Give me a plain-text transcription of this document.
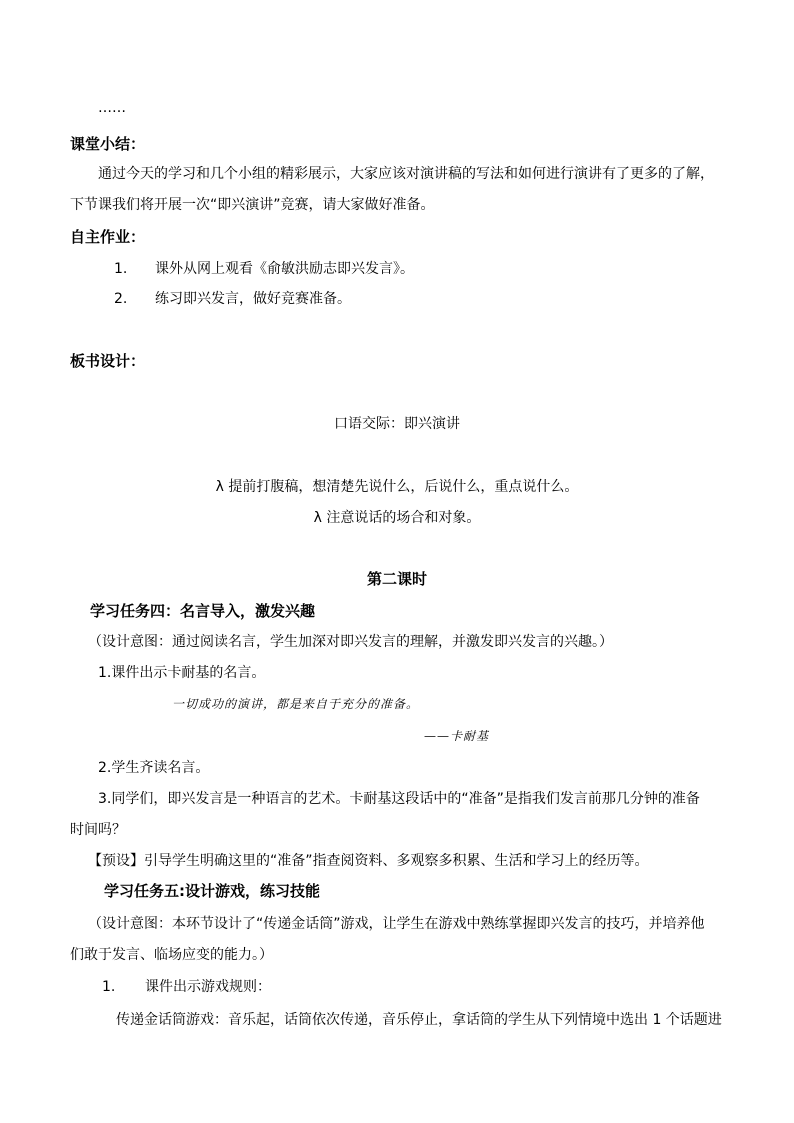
……
课堂小结：
通过今天的学习和几个小组的精彩展示，大家应该对演讲稿的写法和如何进行演讲有了更多的了解，
下节课我们将开展一次“即兴演讲”竞赛，请大家做好准备。
自主作业：
1. 课外从网上观看《俞敏洪励志即兴发言》。
2. 练习即兴发言，做好竞赛准备。
板书设计：
口语交际：即兴演讲
λ 提前打腹稿，想清楚先说什么，后说什么，重点说什么。
λ 注意说话的场合和对象。
第二课时
学习任务四：名言导入，激发兴趣
（设计意图：通过阅读名言，学生加深对即兴发言的理解，并激发即兴发言的兴趣。）
1.课件出示卡耐基的名言。
一切成功的演讲，都是来自于充分的准备。
——卡耐基
2.学生齐读名言。
3.同学们，即兴发言是一种语言的艺术。卡耐基这段话中的“准备”是指我们发言前那几分钟的准备
时间吗？
【预设】引导学生明确这里的“准备”指查阅资料、多观察多积累、生活和学习上的经历等。
学习任务五:设计游戏，练习技能
（设计意图：本环节设计了“传递金话筒”游戏，让学生在游戏中熟练掌握即兴发言的技巧，并培养他
们敢于发言、临场应变的能力。）
1. 课件出示游戏规则：
传递金话筒游戏：音乐起，话筒依次传递，音乐停止，拿话筒的学生从下列情境中选出 1 个话题进
